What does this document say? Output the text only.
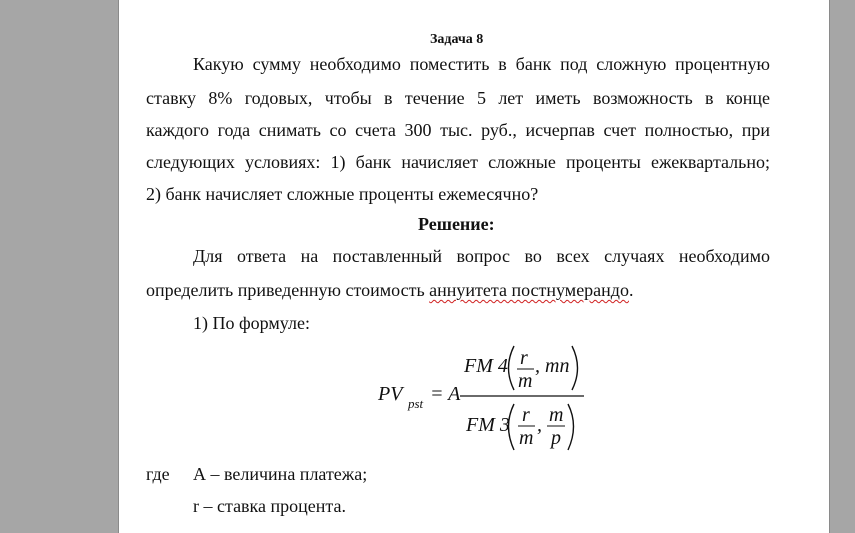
Задача 8
Какую сумму необходимо поместить в банк под сложную процентную
ставку 8% годовых, чтобы в течение 5 лет иметь возможность в конце
каждого года снимать со счета 300 тыс. руб., исчерпав счет полностью, при
следующих условиях: 1) банк начисляет сложные проценты ежеквартально;
2) банк начисляет сложные проценты ежемесячно?
Решение:
Для ответа на поставленный вопрос во всех случаях необходимо
определить приведенную стоимость аннуитета постнумерандо.
1) По формуле:
PV pst = A
FM 4 r
m
, mn
FM 3 r
m
, m
p
где А – величина платежа;
r – ставка процента.
